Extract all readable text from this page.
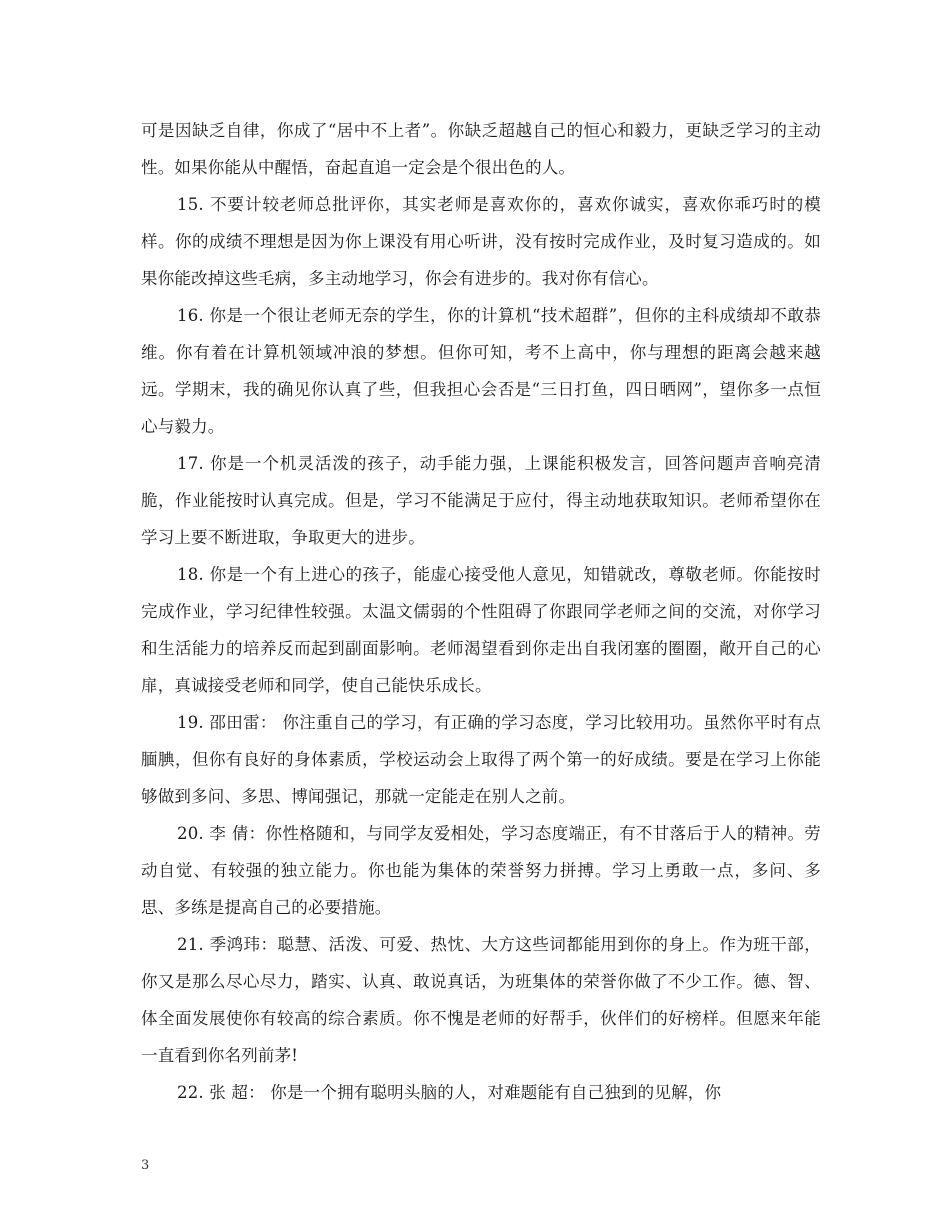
可是因缺乏自律，你成了“居中不上者”。你缺乏超越自己的恒心和毅力，更缺乏学习的主动性。如果你能从中醒悟，奋起直追一定会是个很出色的人。

15. 不要计较老师总批评你，其实老师是喜欢你的，喜欢你诚实，喜欢你乖巧时的模样。你的成绩不理想是因为你上课没有用心听讲，没有按时完成作业，及时复习造成的。如果你能改掉这些毛病，多主动地学习，你会有进步的。我对你有信心。

16. 你是一个很让老师无奈的学生，你的计算机“技术超群”，但你的主科成绩却不敢恭维。你有着在计算机领域冲浪的梦想。但你可知，考不上高中，你与理想的距离会越来越远。学期末，我的确见你认真了些，但我担心会否是“三日打鱼，四日晒网”，望你多一点恒心与毅力。

17. 你是一个机灵活泼的孩子，动手能力强，上课能积极发言，回答问题声音响亮清脆，作业能按时认真完成。但是，学习不能满足于应付，得主动地获取知识。老师希望你在学习上要不断进取，争取更大的进步。

18. 你是一个有上进心的孩子，能虚心接受他人意见，知错就改，尊敬老师。你能按时完成作业，学习纪律性较强。太温文儒弱的个性阻碍了你跟同学老师之间的交流，对你学习和生活能力的培养反而起到副面影响。老师渴望看到你走出自我闭塞的圈圈，敞开自己的心扉，真诚接受老师和同学，使自己能快乐成长。

19. 邵田雷： 你注重自己的学习，有正确的学习态度，学习比较用功。虽然你平时有点腼腆，但你有良好的身体素质，学校运动会上取得了两个第一的好成绩。要是在学习上你能够做到多问、多思、博闻强记，那就一定能走在别人之前。

20. 李 倩：你性格随和，与同学友爱相处，学习态度端正，有不甘落后于人的精神。劳动自觉、有较强的独立能力。你也能为集体的荣誉努力拼搏。学习上勇敢一点，多问、多思、多练是提高自己的必要措施。

21. 季鸿玮：聪慧、活泼、可爱、热忱、大方这些词都能用到你的身上。作为班干部，你又是那么尽心尽力，踏实、认真、敢说真话，为班集体的荣誉你做了不少工作。德、智、体全面发展使你有较高的综合素质。你不愧是老师的好帮手，伙伴们的好榜样。但愿来年能一直看到你名列前茅!

22. 张 超： 你是一个拥有聪明头脑的人，对难题能有自己独到的见解，你

3
